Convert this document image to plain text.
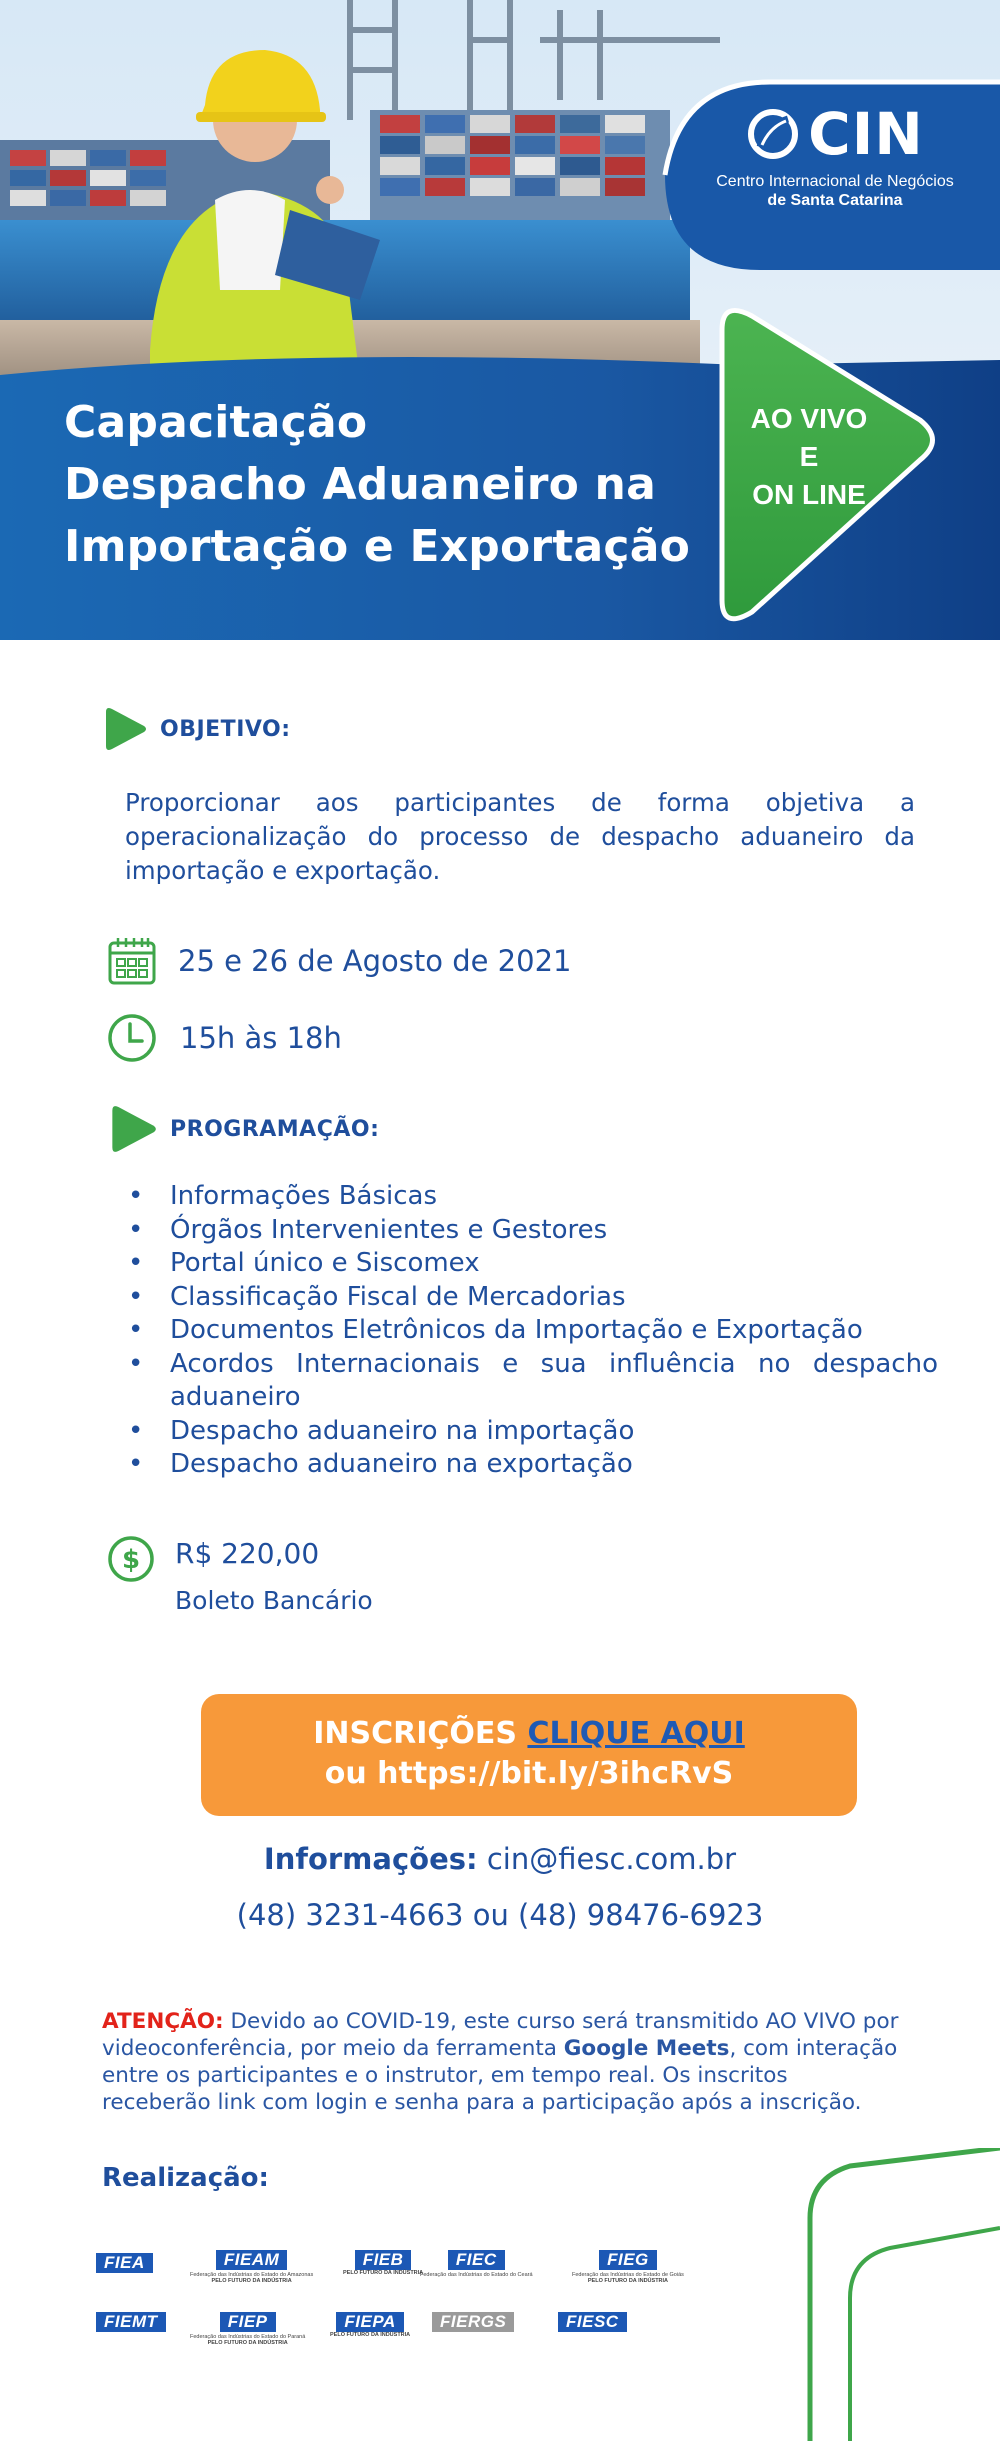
Capacitação
Despacho Aduaneiro na
Importação e Exportação
CIN
Centro Internacional de Negócios
de Santa Catarina
AO VIVO
E
ON LINE
OBJETIVO:
Proporcionar aos participantes de forma objetiva a operacionalização do processo de despacho aduaneiro da importação e exportação.
25 e 26 de Agosto de 2021
15h às 18h
PROGRAMAÇÃO:
• Informações Básicas
• Órgãos Intervenientes e Gestores
• Portal único e Siscomex
• Classificação Fiscal de Mercadorias
• Documentos Eletrônicos da Importação e Exportação
• Acordos Internacionais e sua influência no despacho aduaneiro
• Despacho aduaneiro na importação
• Despacho aduaneiro na exportação
$ R$ 220,00
Boleto Bancário
INSCRIÇÕES CLIQUE AQUI
ou https://bit.ly/3ihcRvS
Informações: cin@fiesc.com.br
(48) 3231-4663 ou (48) 98476-6923
ATENÇÃO: Devido ao COVID-19, este curso será transmitido AO VIVO por videoconferência, por meio da ferramenta Google Meets, com interação entre os participantes e o instrutor, em tempo real. Os inscritos receberão link com login e senha para a participação após a inscrição.
Realização:
FIEA	FIEAM
Federação das Indústrias do Estado do Amazonas
PELO FUTURO DA INDÚSTRIA
FIEB
PELO FUTURO DA INDÚSTRIA
FIEC
Federação das Indústrias do Estado do Ceará
FIEG
Federação das Indústrias do Estado de Goiás
PELO FUTURO DA INDÚSTRIA
FIEMT	FIEP
Federação das Indústrias do Estado do Paraná
PELO FUTURO DA INDÚSTRIA
FIEPA
PELO FUTURO DA INDÚSTRIA
FIERGS	FIESC
